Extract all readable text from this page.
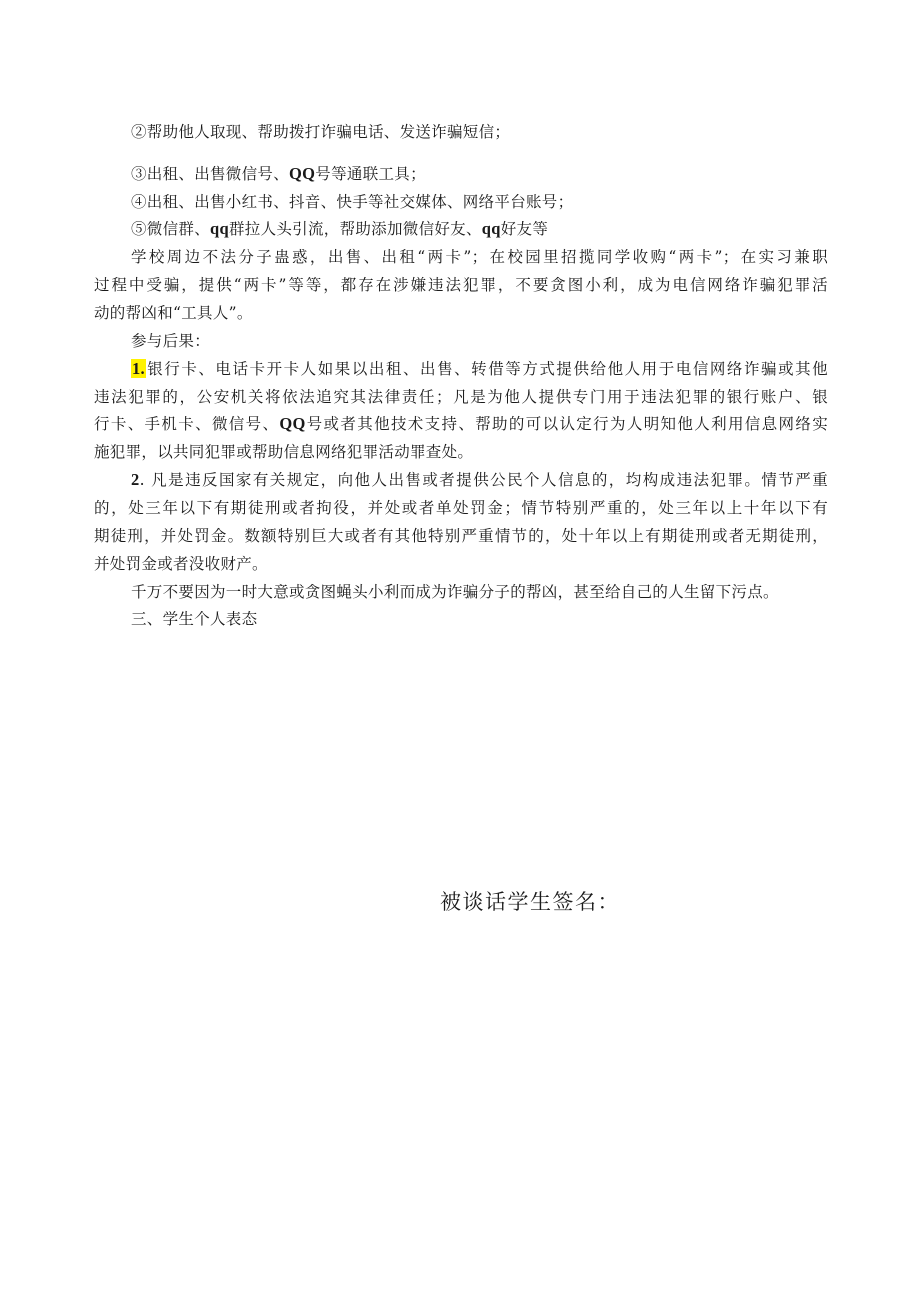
②帮助他人取现、帮助拨打诈骗电话、发送诈骗短信；
③出租、出售微信号、QQ号等通联工具；
④出租、出售小红书、抖音、快手等社交媒体、网络平台账号；
⑤微信群、qq群拉人头引流，帮助添加微信好友、qq好友等
学校周边不法分子蛊惑，出售、出租“两卡”；在校园里招揽同学收购“两卡”；在实习兼职
过程中受骗，提供“两卡”等等，都存在涉嫌违法犯罪，不要贪图小利，成为电信网络诈骗犯罪活
动的帮凶和“工具人”。
参与后果：
1.银行卡、电话卡开卡人如果以出租、出售、转借等方式提供给他人用于电信网络诈骗或其他
违法犯罪的，公安机关将依法追究其法律责任；凡是为他人提供专门用于违法犯罪的银行账户、银
行卡、手机卡、微信号、QQ号或者其他技术支持、帮助的可以认定行为人明知他人利用信息网络实
施犯罪，以共同犯罪或帮助信息网络犯罪活动罪查处。
2. 凡是违反国家有关规定，向他人出售或者提供公民个人信息的，均构成违法犯罪。情节严重
的，处三年以下有期徒刑或者拘役，并处或者单处罚金；情节特别严重的，处三年以上十年以下有
期徒刑，并处罚金。数额特别巨大或者有其他特别严重情节的，处十年以上有期徒刑或者无期徒刑，
并处罚金或者没收财产。
千万不要因为一时大意或贪图蝇头小利而成为诈骗分子的帮凶，甚至给自己的人生留下污点。
三、学生个人表态
被谈话学生签名：
